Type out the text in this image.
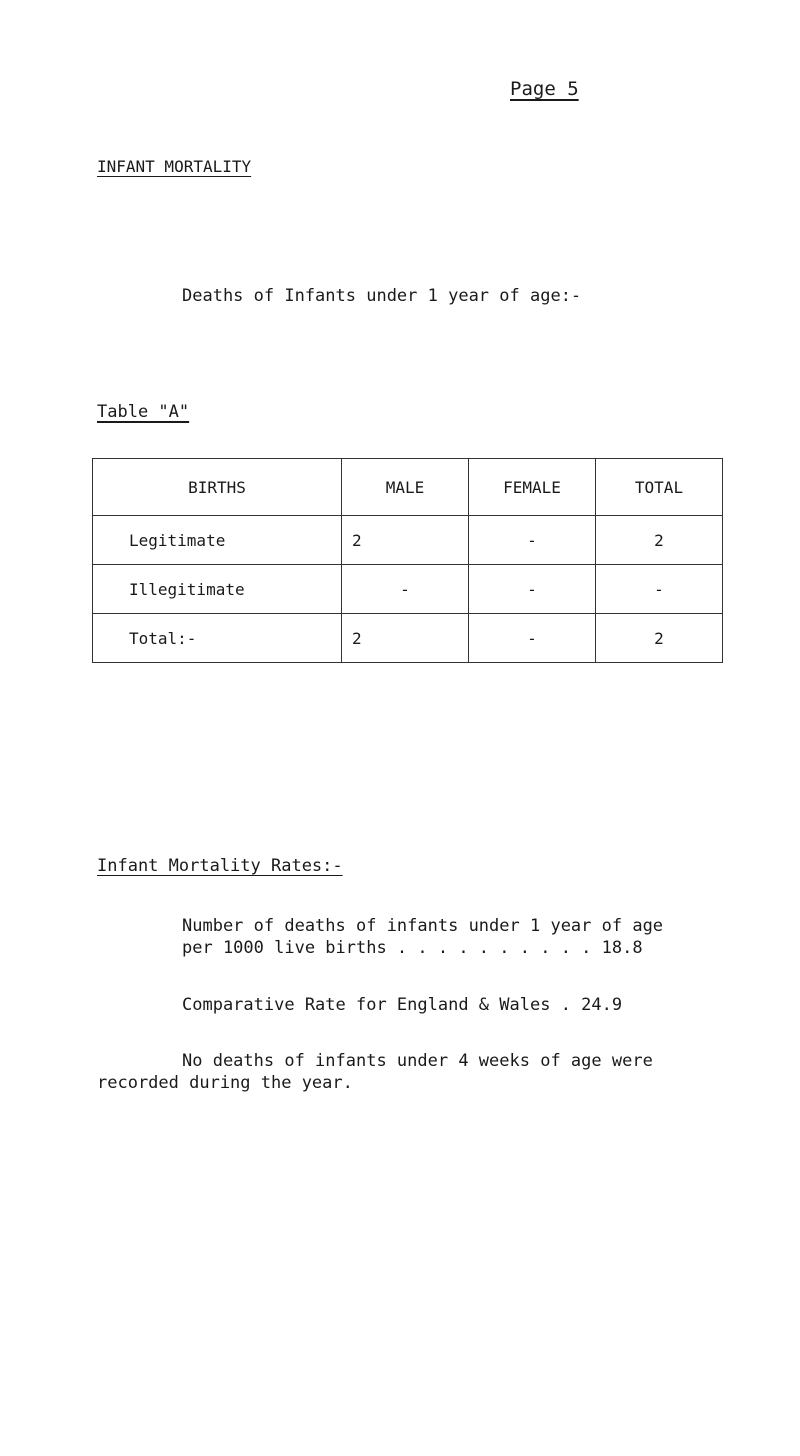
Page 5
INFANT MORTALITY
Deaths of Infants under 1 year of age:-
Table "A"
BIRTHS	MALE	FEMALE	TOTAL
Legitimate	2	-	2
Illegitimate	-	-	-
Total:-	2	-	2
Infant Mortality Rates:-
Number of deaths of infants under 1 year of age
per 1000 live births . . . . . . . . . . 18.8
Comparative Rate for England & Wales . 24.9
No deaths of infants under 4 weeks of age were
recorded during the year.
